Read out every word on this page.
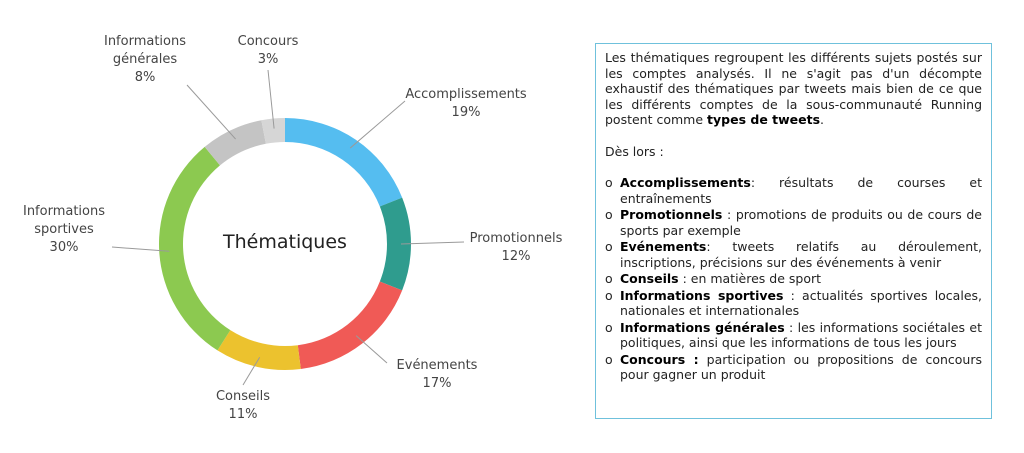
Accomplissements 19%
Promotionnels 12%
Evénements 17%
Conseils 11%
Informations sportives 30%
Informations générales 8%
Concours 3%
Thématiques

Les thématiques regroupent les différents sujets postés sur les comptes analysés. Il ne s'agit pas d'un décompte exhaustif des thématiques par tweets mais bien de ce que les différents comptes de la sous-communauté Running postent comme types de tweets.

Dès lors :

o Accomplissements: résultats de courses et entraînements
o Promotionnels : promotions de produits ou de cours de sports par exemple
o Evénements: tweets relatifs au déroulement, inscriptions, précisions sur des événements à venir
o Conseils : en matières de sport
o Informations sportives : actualités sportives locales, nationales et internationales
o Informations générales : les informations sociétales et politiques, ainsi que les informations de tous les jours
o Concours : participation ou propositions de concours pour gagner un produit
